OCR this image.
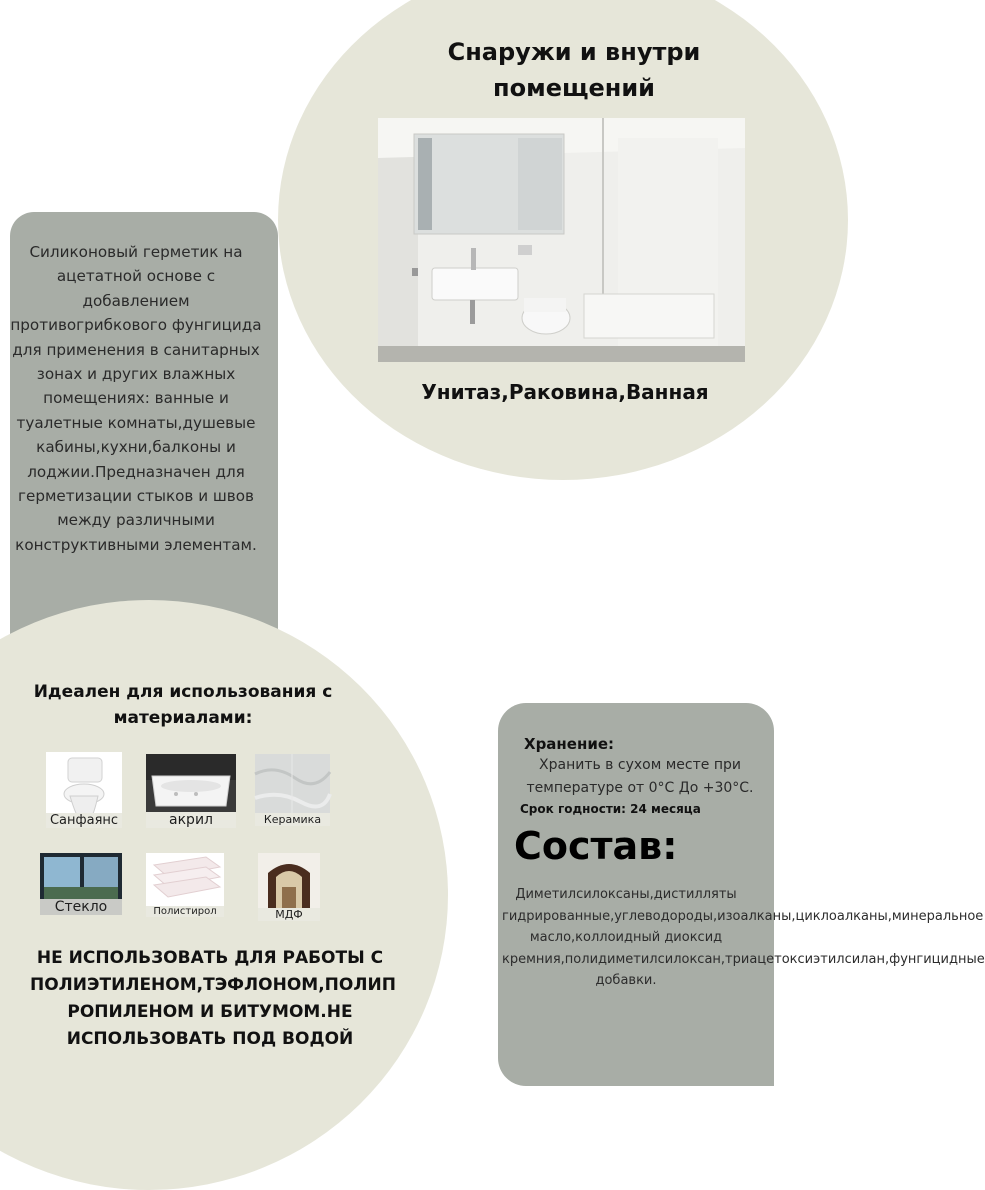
Снаружи и внутри
помещений
Унитаз,Раковина,Ванная
Силиконовый герметик на ацетатной основе с добавлением противогрибкового фунгицида для применения в санитарных зонах и других влажных помещениях: ванные и туалетные комнаты,душевые кабины,кухни,балконы и лоджии.Предназначен для герметизации стыков и швов между различными конструктивными элементам.
Идеален для использования с материалами:
Санфаянс	акрил	Керамика
Стекло	Полистирол	МДФ
НЕ ИСПОЛЬЗОВАТЬ ДЛЯ РАБОТЫ С ПОЛИЭТИЛЕНОМ,ТЭФЛОНОМ,ПОЛИП РОПИЛЕНОМ И БИТУМОМ.НЕ ИСПОЛЬЗОВАТЬ ПОД ВОДОЙ
Хранение:
Хранить в сухом месте при температуре от 0°С До +30°С.
Срок годности: 24 месяца
Состав:
Диметилсилоксаны,дистилляты гидрированные,углеводороды,изоалканы,циклоалканы,минеральное масло,коллоидный диоксид кремния,полидиметилсилоксан,триацетоксиэтилсилан,фунгицидные добавки.
